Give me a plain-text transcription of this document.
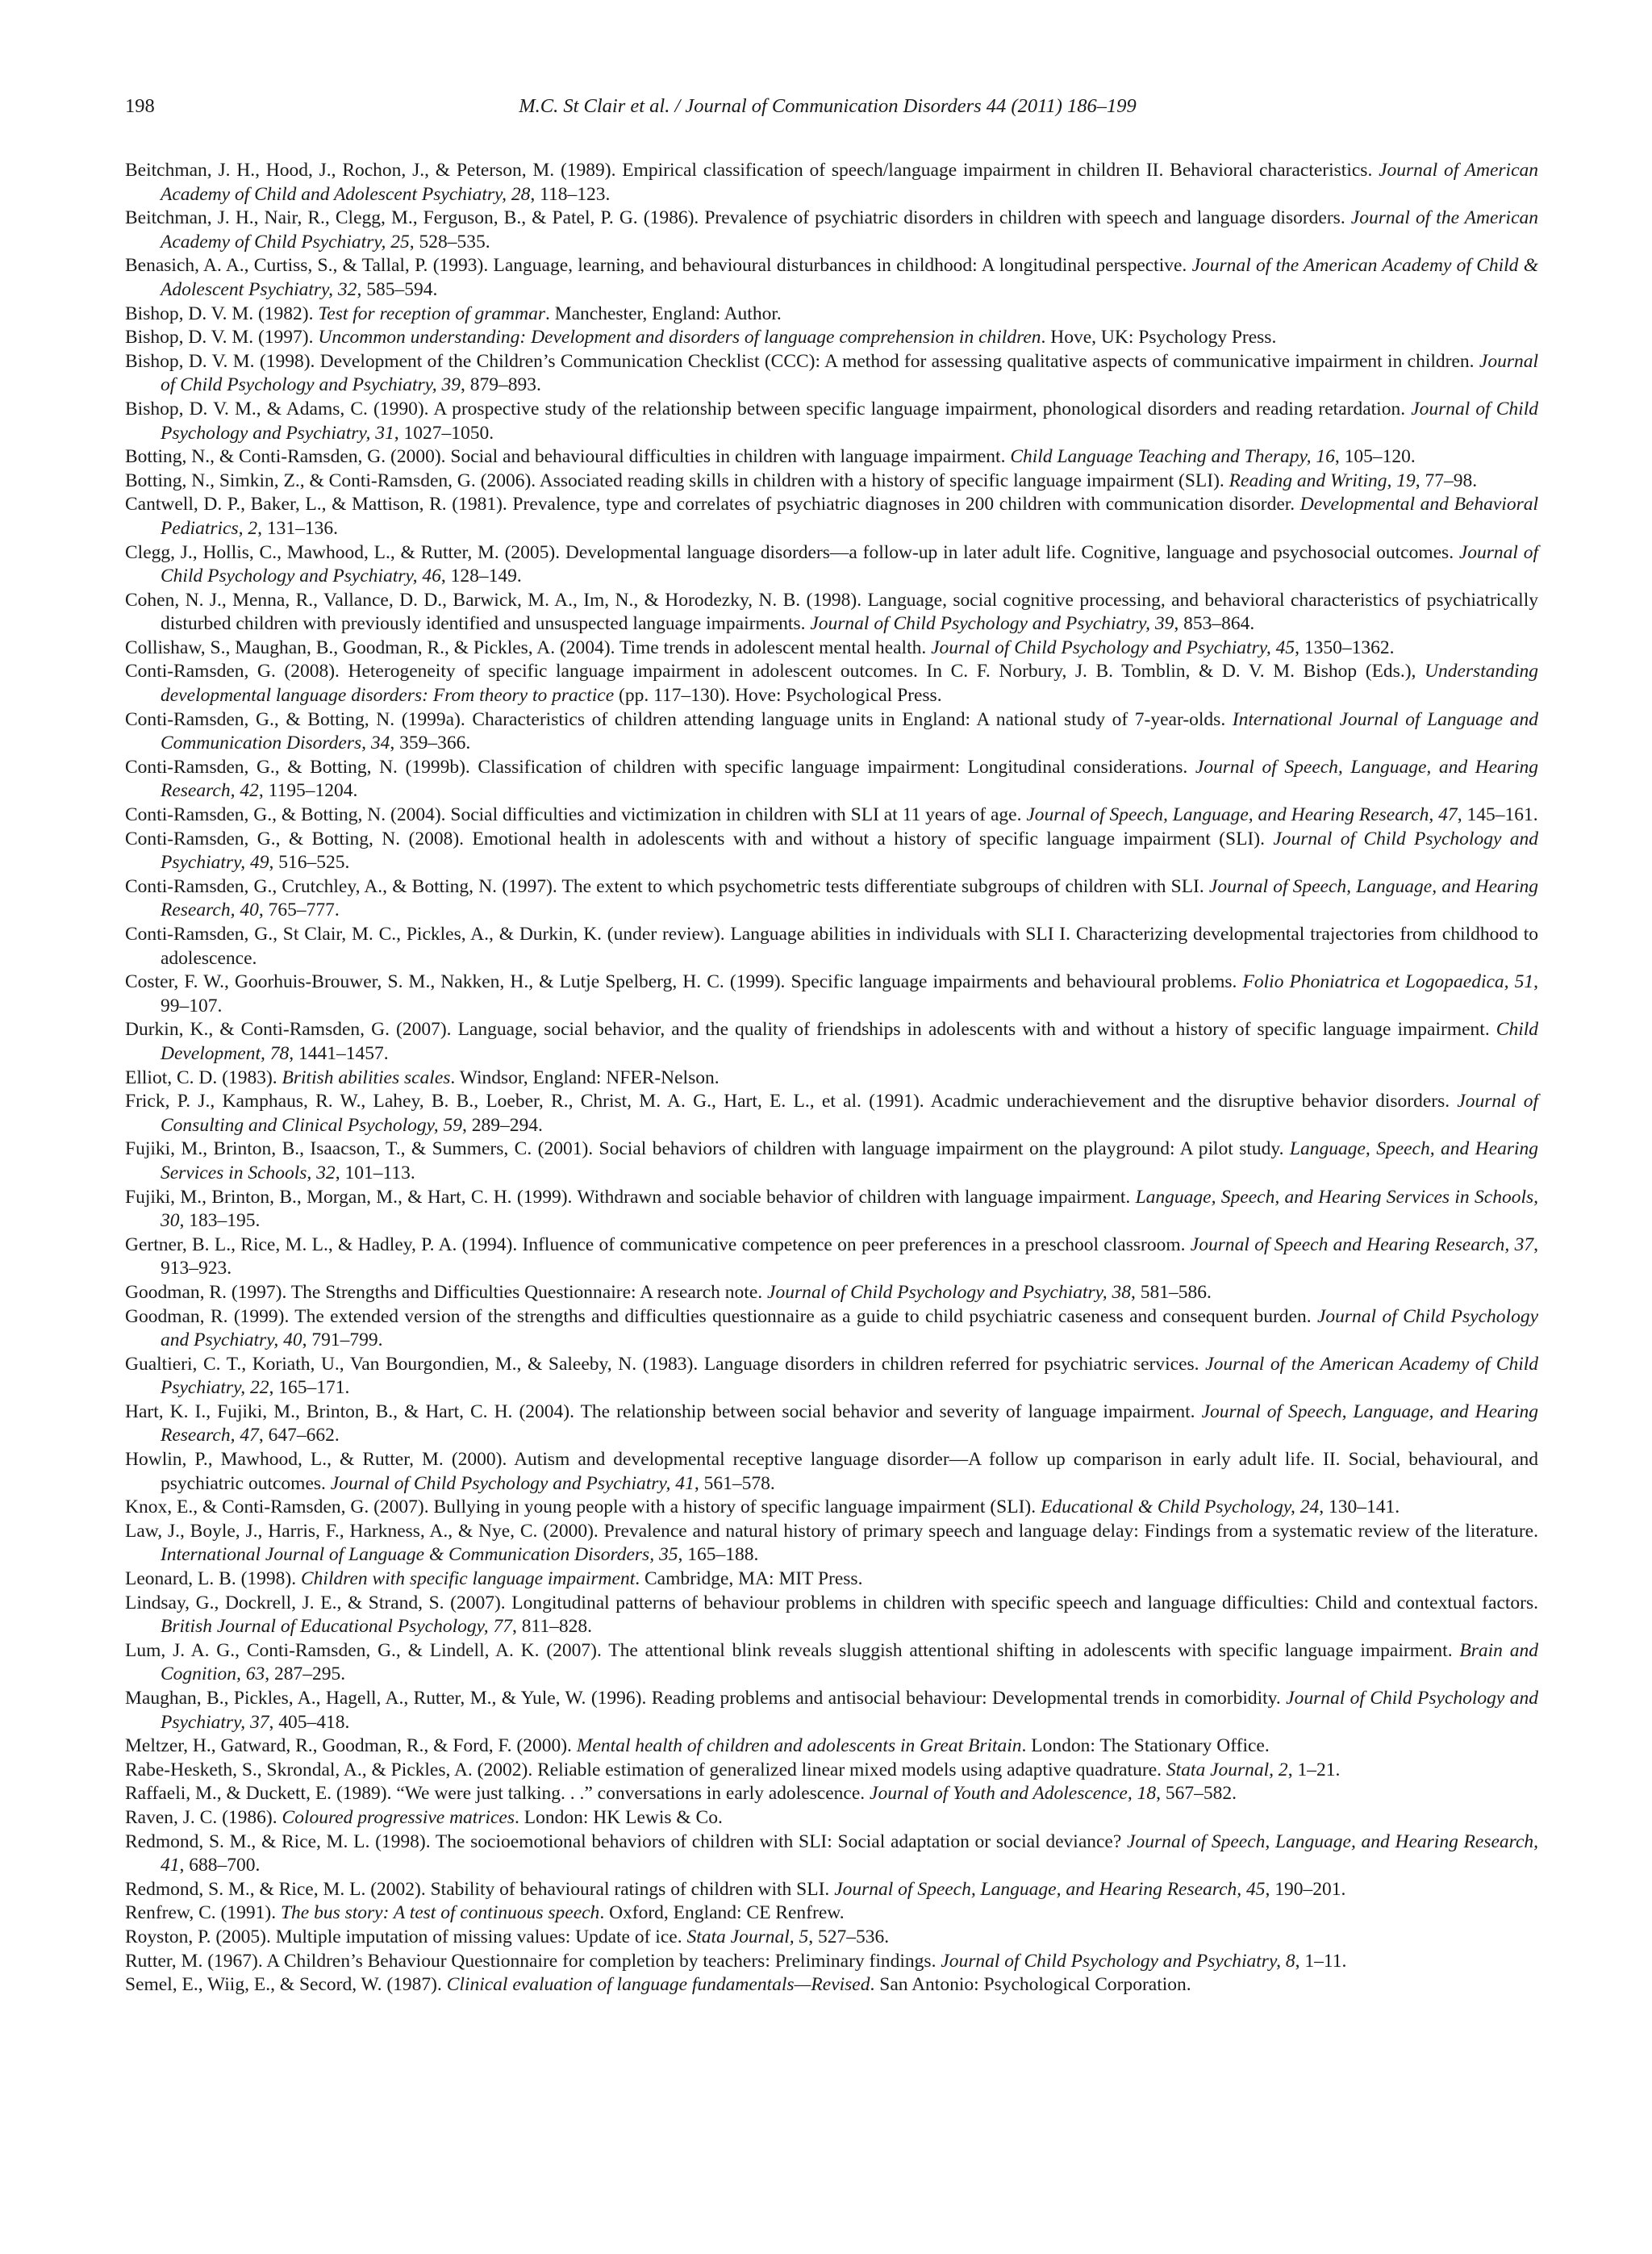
198	M.C. St Clair et al. / Journal of Communication Disorders 44 (2011) 186–199
Beitchman, J. H., Hood, J., Rochon, J., & Peterson, M. (1989). Empirical classification of speech/language impairment in children II. Behavioral characteristics. Journal of American Academy of Child and Adolescent Psychiatry, 28, 118–123.
Beitchman, J. H., Nair, R., Clegg, M., Ferguson, B., & Patel, P. G. (1986). Prevalence of psychiatric disorders in children with speech and language disorders. Journal of the American Academy of Child Psychiatry, 25, 528–535.
Benasich, A. A., Curtiss, S., & Tallal, P. (1993). Language, learning, and behavioural disturbances in childhood: A longitudinal perspective. Journal of the American Academy of Child & Adolescent Psychiatry, 32, 585–594.
Bishop, D. V. M. (1982). Test for reception of grammar. Manchester, England: Author.
Bishop, D. V. M. (1997). Uncommon understanding: Development and disorders of language comprehension in children. Hove, UK: Psychology Press.
Bishop, D. V. M. (1998). Development of the Children’s Communication Checklist (CCC): A method for assessing qualitative aspects of communicative impairment in children. Journal of Child Psychology and Psychiatry, 39, 879–893.
Bishop, D. V. M., & Adams, C. (1990). A prospective study of the relationship between specific language impairment, phonological disorders and reading retardation. Journal of Child Psychology and Psychiatry, 31, 1027–1050.
Botting, N., & Conti-Ramsden, G. (2000). Social and behavioural difficulties in children with language impairment. Child Language Teaching and Therapy, 16, 105–120.
Botting, N., Simkin, Z., & Conti-Ramsden, G. (2006). Associated reading skills in children with a history of specific language impairment (SLI). Reading and Writing, 19, 77–98.
Cantwell, D. P., Baker, L., & Mattison, R. (1981). Prevalence, type and correlates of psychiatric diagnoses in 200 children with communication disorder. Developmental and Behavioral Pediatrics, 2, 131–136.
Clegg, J., Hollis, C., Mawhood, L., & Rutter, M. (2005). Developmental language disorders—a follow-up in later adult life. Cognitive, language and psychosocial outcomes. Journal of Child Psychology and Psychiatry, 46, 128–149.
Cohen, N. J., Menna, R., Vallance, D. D., Barwick, M. A., Im, N., & Horodezky, N. B. (1998). Language, social cognitive processing, and behavioral characteristics of psychiatrically disturbed children with previously identified and unsuspected language impairments. Journal of Child Psychology and Psychiatry, 39, 853–864.
Collishaw, S., Maughan, B., Goodman, R., & Pickles, A. (2004). Time trends in adolescent mental health. Journal of Child Psychology and Psychiatry, 45, 1350–1362.
Conti-Ramsden, G. (2008). Heterogeneity of specific language impairment in adolescent outcomes. In C. F. Norbury, J. B. Tomblin, & D. V. M. Bishop (Eds.), Understanding developmental language disorders: From theory to practice (pp. 117–130). Hove: Psychological Press.
Conti-Ramsden, G., & Botting, N. (1999a). Characteristics of children attending language units in England: A national study of 7-year-olds. International Journal of Language and Communication Disorders, 34, 359–366.
Conti-Ramsden, G., & Botting, N. (1999b). Classification of children with specific language impairment: Longitudinal considerations. Journal of Speech, Language, and Hearing Research, 42, 1195–1204.
Conti-Ramsden, G., & Botting, N. (2004). Social difficulties and victimization in children with SLI at 11 years of age. Journal of Speech, Language, and Hearing Research, 47, 145–161.
Conti-Ramsden, G., & Botting, N. (2008). Emotional health in adolescents with and without a history of specific language impairment (SLI). Journal of Child Psychology and Psychiatry, 49, 516–525.
Conti-Ramsden, G., Crutchley, A., & Botting, N. (1997). The extent to which psychometric tests differentiate subgroups of children with SLI. Journal of Speech, Language, and Hearing Research, 40, 765–777.
Conti-Ramsden, G., St Clair, M. C., Pickles, A., & Durkin, K. (under review). Language abilities in individuals with SLI I. Characterizing developmental trajectories from childhood to adolescence.
Coster, F. W., Goorhuis-Brouwer, S. M., Nakken, H., & Lutje Spelberg, H. C. (1999). Specific language impairments and behavioural problems. Folio Phoniatrica et Logopaedica, 51, 99–107.
Durkin, K., & Conti-Ramsden, G. (2007). Language, social behavior, and the quality of friendships in adolescents with and without a history of specific language impairment. Child Development, 78, 1441–1457.
Elliot, C. D. (1983). British abilities scales. Windsor, England: NFER-Nelson.
Frick, P. J., Kamphaus, R. W., Lahey, B. B., Loeber, R., Christ, M. A. G., Hart, E. L., et al. (1991). Acadmic underachievement and the disruptive behavior disorders. Journal of Consulting and Clinical Psychology, 59, 289–294.
Fujiki, M., Brinton, B., Isaacson, T., & Summers, C. (2001). Social behaviors of children with language impairment on the playground: A pilot study. Language, Speech, and Hearing Services in Schools, 32, 101–113.
Fujiki, M., Brinton, B., Morgan, M., & Hart, C. H. (1999). Withdrawn and sociable behavior of children with language impairment. Language, Speech, and Hearing Services in Schools, 30, 183–195.
Gertner, B. L., Rice, M. L., & Hadley, P. A. (1994). Influence of communicative competence on peer preferences in a preschool classroom. Journal of Speech and Hearing Research, 37, 913–923.
Goodman, R. (1997). The Strengths and Difficulties Questionnaire: A research note. Journal of Child Psychology and Psychiatry, 38, 581–586.
Goodman, R. (1999). The extended version of the strengths and difficulties questionnaire as a guide to child psychiatric caseness and consequent burden. Journal of Child Psychology and Psychiatry, 40, 791–799.
Gualtieri, C. T., Koriath, U., Van Bourgondien, M., & Saleeby, N. (1983). Language disorders in children referred for psychiatric services. Journal of the American Academy of Child Psychiatry, 22, 165–171.
Hart, K. I., Fujiki, M., Brinton, B., & Hart, C. H. (2004). The relationship between social behavior and severity of language impairment. Journal of Speech, Language, and Hearing Research, 47, 647–662.
Howlin, P., Mawhood, L., & Rutter, M. (2000). Autism and developmental receptive language disorder—A follow up comparison in early adult life. II. Social, behavioural, and psychiatric outcomes. Journal of Child Psychology and Psychiatry, 41, 561–578.
Knox, E., & Conti-Ramsden, G. (2007). Bullying in young people with a history of specific language impairment (SLI). Educational & Child Psychology, 24, 130–141.
Law, J., Boyle, J., Harris, F., Harkness, A., & Nye, C. (2000). Prevalence and natural history of primary speech and language delay: Findings from a systematic review of the literature. International Journal of Language & Communication Disorders, 35, 165–188.
Leonard, L. B. (1998). Children with specific language impairment. Cambridge, MA: MIT Press.
Lindsay, G., Dockrell, J. E., & Strand, S. (2007). Longitudinal patterns of behaviour problems in children with specific speech and language difficulties: Child and contextual factors. British Journal of Educational Psychology, 77, 811–828.
Lum, J. A. G., Conti-Ramsden, G., & Lindell, A. K. (2007). The attentional blink reveals sluggish attentional shifting in adolescents with specific language impairment. Brain and Cognition, 63, 287–295.
Maughan, B., Pickles, A., Hagell, A., Rutter, M., & Yule, W. (1996). Reading problems and antisocial behaviour: Developmental trends in comorbidity. Journal of Child Psychology and Psychiatry, 37, 405–418.
Meltzer, H., Gatward, R., Goodman, R., & Ford, F. (2000). Mental health of children and adolescents in Great Britain. London: The Stationary Office.
Rabe-Hesketh, S., Skrondal, A., & Pickles, A. (2002). Reliable estimation of generalized linear mixed models using adaptive quadrature. Stata Journal, 2, 1–21.
Raffaeli, M., & Duckett, E. (1989). “We were just talking. . .” conversations in early adolescence. Journal of Youth and Adolescence, 18, 567–582.
Raven, J. C. (1986). Coloured progressive matrices. London: HK Lewis & Co.
Redmond, S. M., & Rice, M. L. (1998). The socioemotional behaviors of children with SLI: Social adaptation or social deviance? Journal of Speech, Language, and Hearing Research, 41, 688–700.
Redmond, S. M., & Rice, M. L. (2002). Stability of behavioural ratings of children with SLI. Journal of Speech, Language, and Hearing Research, 45, 190–201.
Renfrew, C. (1991). The bus story: A test of continuous speech. Oxford, England: CE Renfrew.
Royston, P. (2005). Multiple imputation of missing values: Update of ice. Stata Journal, 5, 527–536.
Rutter, M. (1967). A Children’s Behaviour Questionnaire for completion by teachers: Preliminary findings. Journal of Child Psychology and Psychiatry, 8, 1–11.
Semel, E., Wiig, E., & Secord, W. (1987). Clinical evaluation of language fundamentals—Revised. San Antonio: Psychological Corporation.
